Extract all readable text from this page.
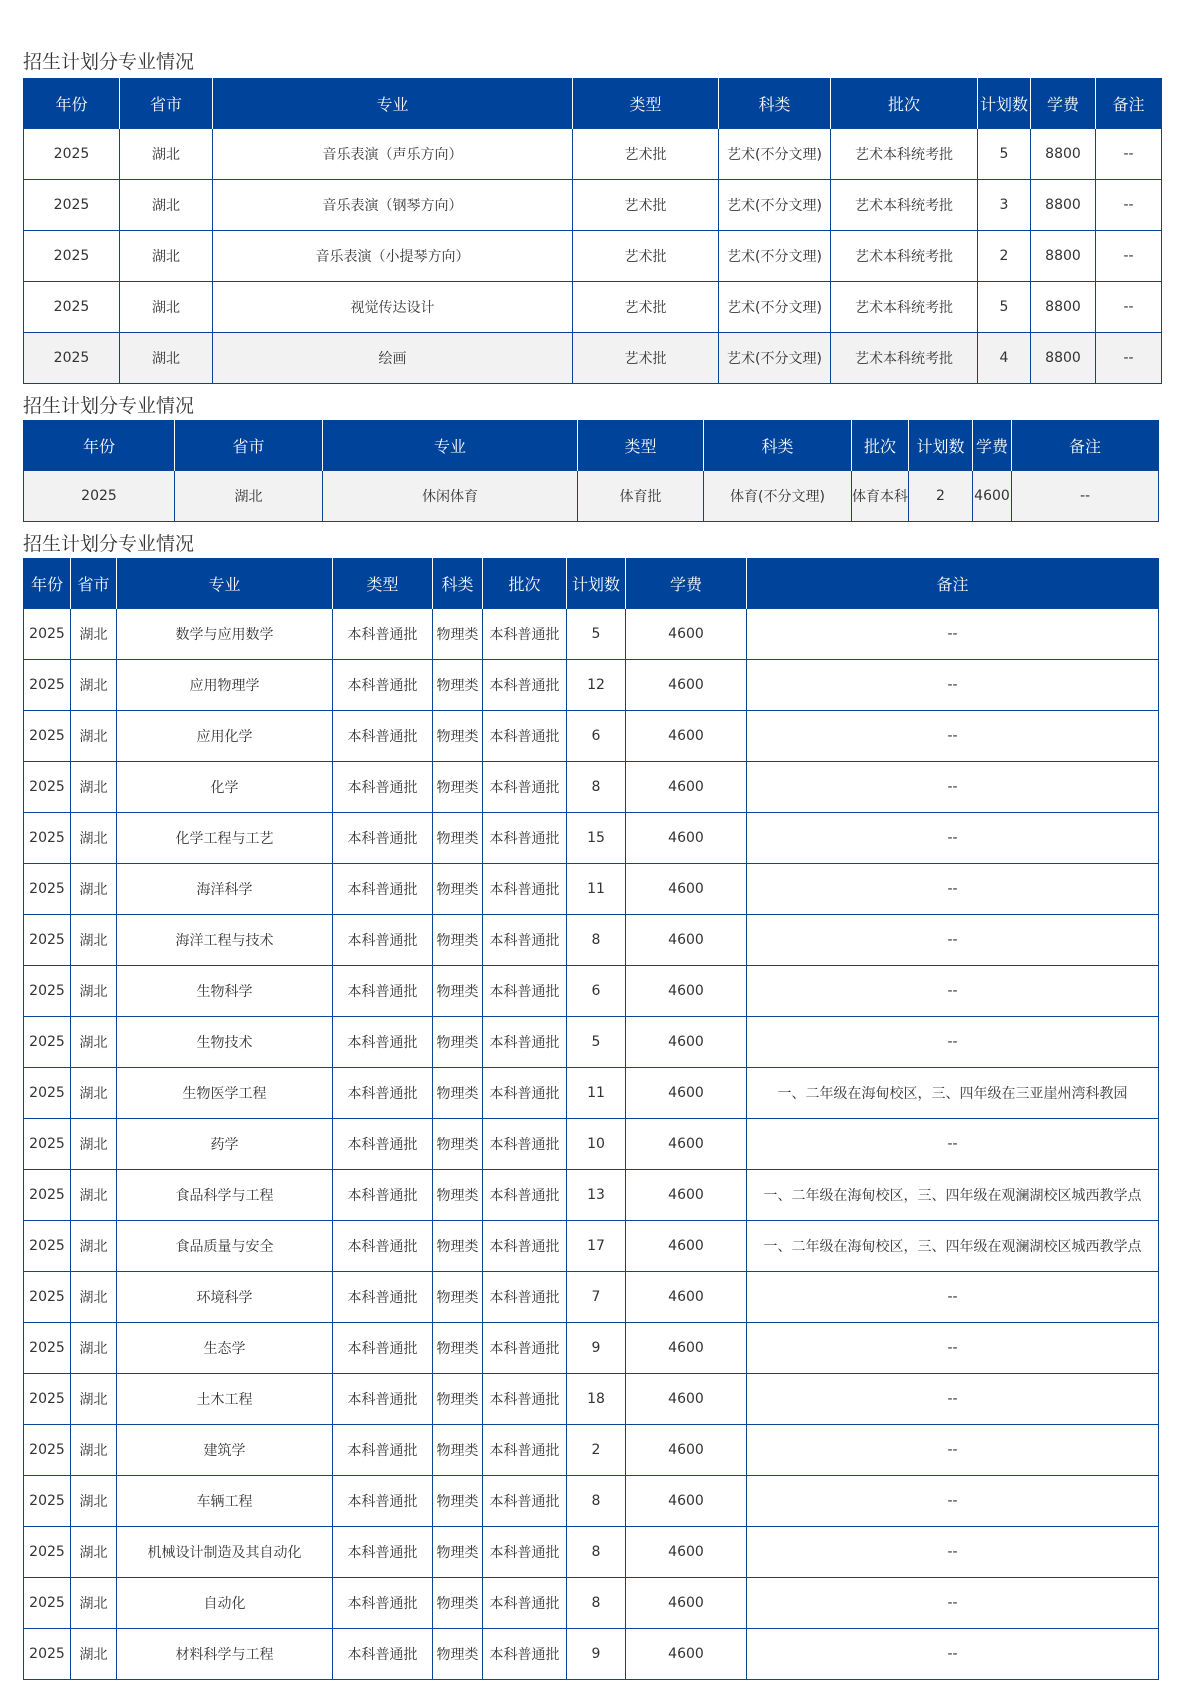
招生计划分专业情况
年份	省市	专业	类型	科类	批次	计划数	学费	备注
2025	湖北	音乐表演（声乐方向）	艺术批	艺术(不分文理)	艺术本科统考批	5	8800	--
2025	湖北	音乐表演（钢琴方向）	艺术批	艺术(不分文理)	艺术本科统考批	3	8800	--
2025	湖北	音乐表演（小提琴方向）	艺术批	艺术(不分文理)	艺术本科统考批	2	8800	--
2025	湖北	视觉传达设计	艺术批	艺术(不分文理)	艺术本科统考批	5	8800	--
2025	湖北	绘画	艺术批	艺术(不分文理)	艺术本科统考批	4	8800	--
招生计划分专业情况
年份	省市	专业	类型	科类	批次	计划数	学费	备注
2025	湖北	休闲体育	体育批	体育(不分文理)	体育本科	2	4600	--
招生计划分专业情况
年份	省市	专业	类型	科类	批次	计划数	学费	备注
2025	湖北	数学与应用数学	本科普通批	物理类	本科普通批	5	4600	--
2025	湖北	应用物理学	本科普通批	物理类	本科普通批	12	4600	--
2025	湖北	应用化学	本科普通批	物理类	本科普通批	6	4600	--
2025	湖北	化学	本科普通批	物理类	本科普通批	8	4600	--
2025	湖北	化学工程与工艺	本科普通批	物理类	本科普通批	15	4600	--
2025	湖北	海洋科学	本科普通批	物理类	本科普通批	11	4600	--
2025	湖北	海洋工程与技术	本科普通批	物理类	本科普通批	8	4600	--
2025	湖北	生物科学	本科普通批	物理类	本科普通批	6	4600	--
2025	湖北	生物技术	本科普通批	物理类	本科普通批	5	4600	--
2025	湖北	生物医学工程	本科普通批	物理类	本科普通批	11	4600	一、二年级在海甸校区，三、四年级在三亚崖州湾科教园
2025	湖北	药学	本科普通批	物理类	本科普通批	10	4600	--
2025	湖北	食品科学与工程	本科普通批	物理类	本科普通批	13	4600	一、二年级在海甸校区，三、四年级在观澜湖校区城西教学点
2025	湖北	食品质量与安全	本科普通批	物理类	本科普通批	17	4600	一、二年级在海甸校区，三、四年级在观澜湖校区城西教学点
2025	湖北	环境科学	本科普通批	物理类	本科普通批	7	4600	--
2025	湖北	生态学	本科普通批	物理类	本科普通批	9	4600	--
2025	湖北	土木工程	本科普通批	物理类	本科普通批	18	4600	--
2025	湖北	建筑学	本科普通批	物理类	本科普通批	2	4600	--
2025	湖北	车辆工程	本科普通批	物理类	本科普通批	8	4600	--
2025	湖北	机械设计制造及其自动化	本科普通批	物理类	本科普通批	8	4600	--
2025	湖北	自动化	本科普通批	物理类	本科普通批	8	4600	--
2025	湖北	材料科学与工程	本科普通批	物理类	本科普通批	9	4600	--
